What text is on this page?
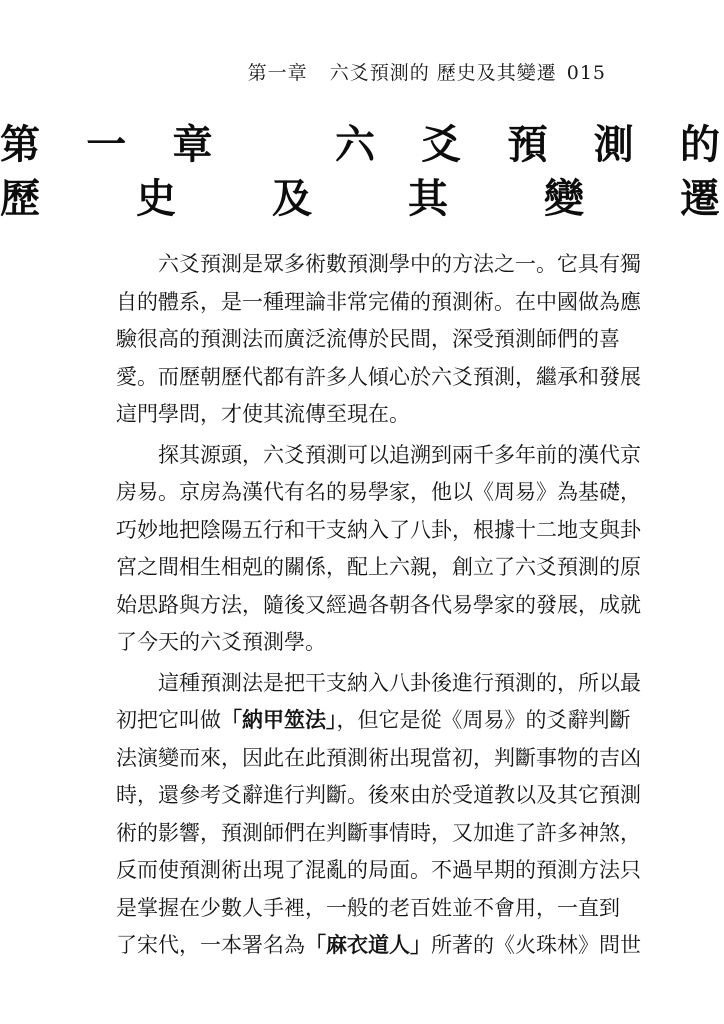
第一章 六爻預測的 歷史及其變遷 015
第一章 六爻預測的
歷史及其變遷
六爻預測是眾多術數預測學中的方法之一。它具有獨
自的體系，是一種理論非常完備的預測術。在中國做為應
驗很高的預測法而廣泛流傳於民間，深受預測師們的喜
愛。而歷朝歷代都有許多人傾心於六爻預測，繼承和發展
這門學問，才使其流傳至現在。
探其源頭，六爻預測可以追溯到兩千多年前的漢代京
房易。京房為漢代有名的易學家，他以《周易》為基礎，
巧妙地把陰陽五行和干支納入了八卦，根據十二地支與卦
宮之間相生相剋的關係，配上六親，創立了六爻預測的原
始思路與方法，隨後又經過各朝各代易學家的發展，成就
了今天的六爻預測學。
這種預測法是把干支納入八卦後進行預測的，所以最
初把它叫做「納甲筮法」，但它是從《周易》的爻辭判斷
法演變而來，因此在此預測術出現當初，判斷事物的吉凶
時，還參考爻辭進行判斷。後來由於受道教以及其它預測
術的影響，預測師們在判斷事情時，又加進了許多神煞，
反而使預測術出現了混亂的局面。不過早期的預測方法只
是掌握在少數人手裡，一般的老百姓並不會用，一直到
了宋代，一本署名為「麻衣道人」所著的《火珠林》問世
